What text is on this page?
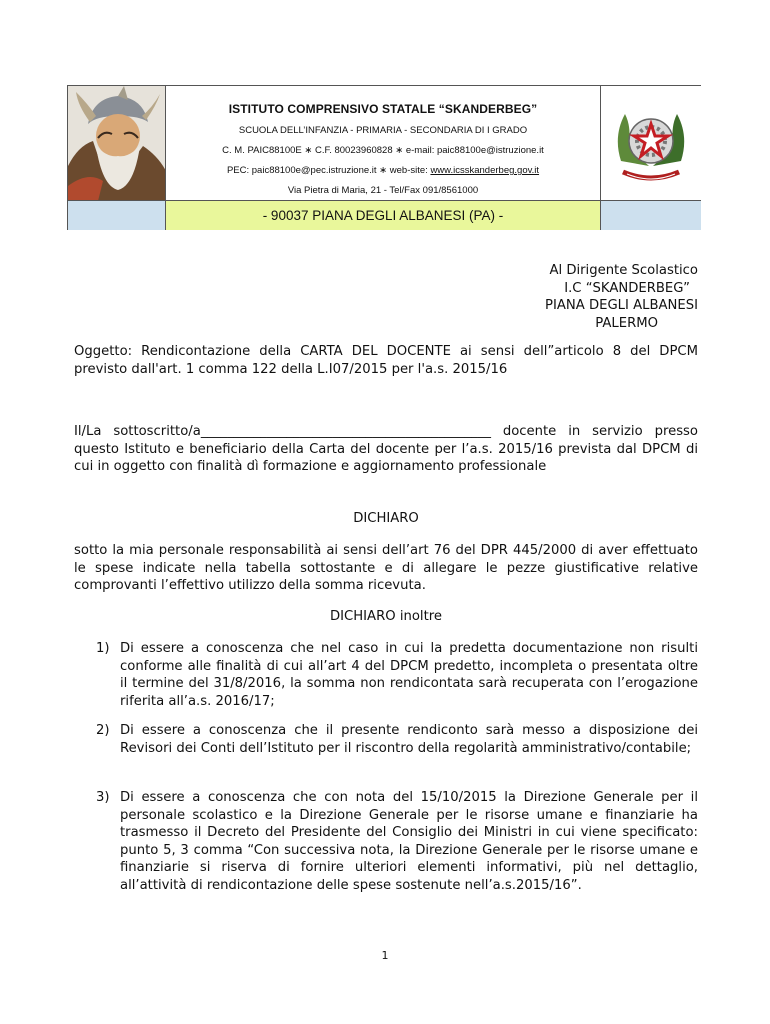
ISTITUTO COMPRENSIVO STATALE “SKANDERBEG”
SCUOLA DELL’INFANZIA - PRIMARIA - SECONDARIA DI I GRADO
C. M. PAIC88100E ∗ C.F. 80023960828 ∗ e-mail: paic88100e@istruzione.it
PEC: paic88100e@pec.istruzione.it ∗ web-site: www.icsskanderbeg.gov.it
Via Pietra di Maria, 21 - Tel/Fax 091/8561000
- 90037 PIANA DEGLI ALBANESI (PA) -
Al Dirigente Scolastico
I.C “SKANDERBEG”
PIANA DEGLI ALBANESI
PALERMO
Oggetto: Rendicontazione della CARTA DEL DOCENTE ai sensi dell”articolo 8 del DPCM previsto dall'art. 1 comma 122 della L.I07/2015 per l'a.s. 2015/16
Il/La sottoscritto/a____________________________________________ docente in servizio presso questo Istituto e beneficiario della Carta del docente per l’a.s. 2015/16 prevista dal DPCM di cui in oggetto con finalità dì formazione e aggiornamento professionale
DICHIARO
sotto la mia personale responsabilità ai sensi dell’art 76 del DPR 445/2000 di aver effettuato le spese indicate nella tabella sottostante e di allegare le pezze giustificative relative comprovanti l’effettivo utilizzo della somma ricevuta.
DICHIARO inoltre
1) Di essere a conoscenza che nel caso in cui la predetta documentazione non risulti conforme alle finalità di cui all’art 4 del DPCM predetto, incompleta o presentata oltre il termine del 31/8/2016, la somma non rendicontata sarà recuperata con l’erogazione riferita all’a.s. 2016/17;
2) Di essere a conoscenza che il presente rendiconto sarà messo a disposizione dei Revisori dei Conti dell’Istituto per il riscontro della regolarità amministrativo/contabile;
3) Di essere a conoscenza che con nota del 15/10/2015 la Direzione Generale per il personale scolastico e la Direzione Generale per le risorse umane e finanziarie ha trasmesso il Decreto del Presidente del Consiglio dei Ministri in cui viene specificato: punto 5, 3 comma “Con successiva nota, la Direzione Generale per le risorse umane e finanziarie si riserva di fornire ulteriori elementi informativi, più nel dettaglio, all’attività di rendicontazione delle spese sostenute nell’a.s.2015/16”.
1
